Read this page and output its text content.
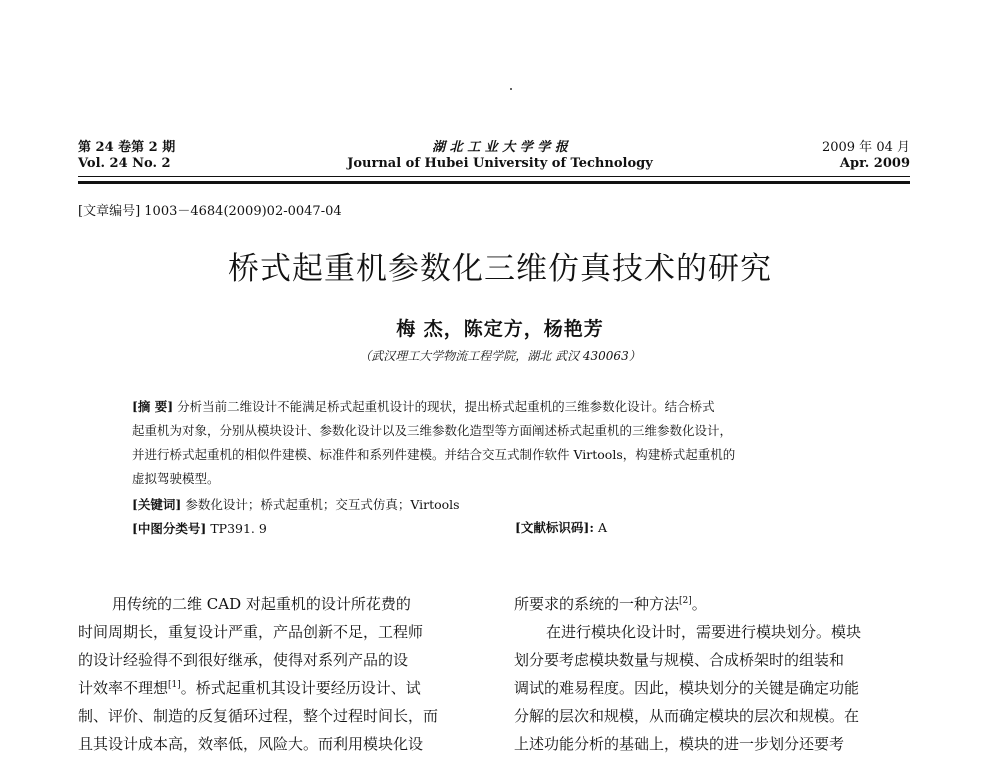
第 24 卷第 2 期
Vol. 24 No. 2
湖 北 工 业 大 学 学 报
Journal of Hubei University of Technology
2009 年 04 月
Apr. 2009
[文章编号] 1003－4684(2009)02-0047-04
桥式起重机参数化三维仿真技术的研究
梅 杰，陈定方，杨艳芳
（武汉理工大学物流工程学院，湖北 武汉 430063）
[摘 要] 分析当前二维设计不能满足桥式起重机设计的现状，提出桥式起重机的三维参数化设计。结合桥式
起重机为对象，分别从模块设计、参数化设计以及三维参数化造型等方面阐述桥式起重机的三维参数化设计，
并进行桥式起重机的相似件建模、标准件和系列件建模。并结合交互式制作软件 Virtools，构建桥式起重机的
虚拟驾驶模型。
[关键词] 参数化设计；桥式起重机；交互式仿真；Virtools
[中图分类号] TP391. 9	[文献标识码]: A
用传统的二维 CAD 对起重机的设计所花费的
时间周期长，重复设计严重，产品创新不足，工程师
的设计经验得不到很好继承，使得对系列产品的设
计效率不理想[1]。桥式起重机其设计要经历设计、试
制、评价、制造的反复循环过程，整个过程时间长，而
且其设计成本高，效率低，风险大。而利用模块化设
所要求的系统的一种方法[2]。
在进行模块化设计时，需要进行模块划分。模块
划分要考虑模块数量与规模、合成桥架时的组装和
调试的难易程度。因此，模块划分的关键是确定功能
分解的层次和规模，从而确定模块的层次和规模。在
上述功能分析的基础上，模块的进一步划分还要考
